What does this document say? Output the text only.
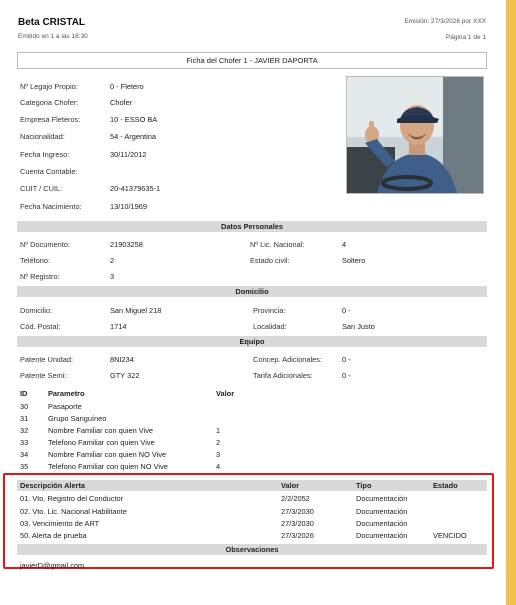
Beta CRISTAL
Emitido en 1 a las 16:30
Emisión: 27/3/2026 por XXX
Página 1 de 1
Ficha del Chofer 1 - JAVIER DAPORTA
Nº Legajo Propio:	0 - Fletero
Categoria Chofer:	Chofer
Empresa Fleteros:	10 - ESSO BA
Nacionalidad:	54 - Argentina
Fecha Ingreso:	30/11/2012
Cuenta Contable:
CUIT / CUIL:	20-41379635-1
Fecha Nacimiento:	13/10/1969
Datos Personales
Nº Documento:	21903258	Nº Lic. Nacional:	4
Teléfono:	2	Estado civil:	Soltero
Nº Registro:	3
Domicilio
Domicilio:	San Miguel 218	Provincia:	0 -
Cód. Postal:	1714	Localidad:	San Justo
Equipo
Patente Unidad:	8NI234	Concep. Adicionales:	0 -
Patente Semi:	GTY 322	Tarifa Adicionales:	0 -
ID	Parametro	Valor
30	Pasaporte
31	Grupo Sanguíneo
32	Nombre Familiar con quien Vive	1
33	Telefono Familiar con quien Vive	2
34	Nombre Familiar con quien NO Vive	3
35	Telefono Familiar con quien NO Vive	4
Descripción Alerta	Valor	Tipo	Estado
01. Vto. Registro del Conductor	2/2/2052	Documentación
02. Vto. Lic. Nacional Habilitante	27/3/2030	Documentación
03. Vencimiento de ART	27/3/2030	Documentación
50. Alerta de prueba	27/3/2026	Documentación	VENCIDO
Observaciones
javierD@gmail.com
